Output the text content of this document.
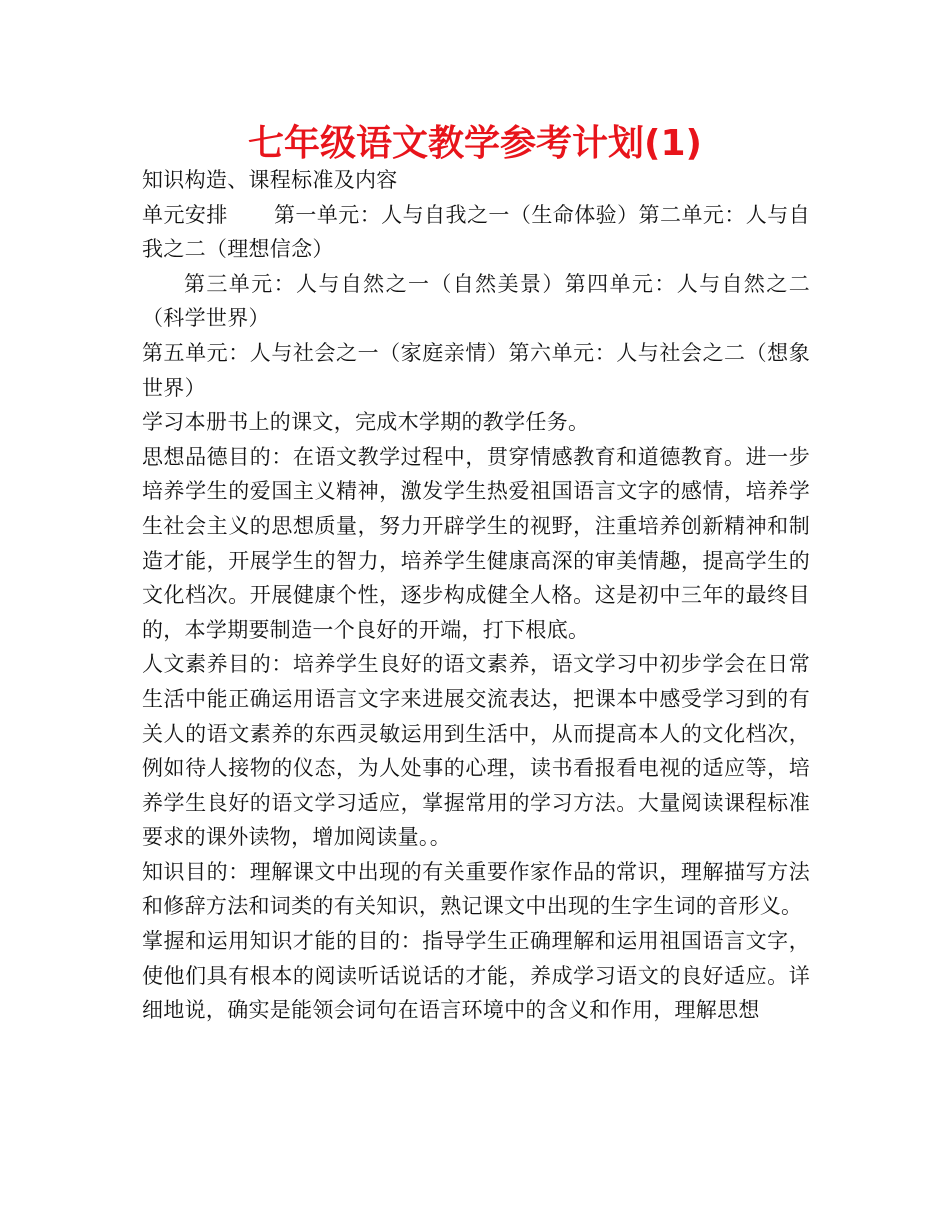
七年级语文教学参考计划(1)

知识构造、课程标准及内容

单元安排 第一单元：人与自我之一（生命体验）第二单元：人与自我之二（理想信念）

第三单元：人与自然之一（自然美景）第四单元：人与自然之二（科学世界）

第五单元：人与社会之一（家庭亲情）第六单元：人与社会之二（想象世界）

学习本册书上的课文，完成木学期的教学任务。

思想品德目的：在语文教学过程中，贯穿情感教育和道德教育。进一步培养学生的爱国主义精神，激发学生热爱祖国语言文字的感情，培养学生社会主义的思想质量，努力开辟学生的视野，注重培养创新精神和制造才能，开展学生的智力，培养学生健康高深的审美情趣，提高学生的文化档次。开展健康个性，逐步构成健全人格。这是初中三年的最终目的，本学期要制造一个良好的开端，打下根底。

人文素养目的：培养学生良好的语文素养，语文学习中初步学会在日常生活中能正确运用语言文字来进展交流表达，把课本中感受学习到的有关人的语文素养的东西灵敏运用到生活中，从而提高本人的文化档次，例如待人接物的仪态，为人处事的心理，读书看报看电视的适应等，培养学生良好的语文学习适应，掌握常用的学习方法。大量阅读课程标准要求的课外读物，增加阅读量。。

知识目的：理解课文中出现的有关重要作家作品的常识，理解描写方法和修辞方法和词类的有关知识，熟记课文中出现的生字生词的音形义。

掌握和运用知识才能的目的：指导学生正确理解和运用祖国语言文字，使他们具有根本的阅读听话说话的才能，养成学习语文的良好适应。详细地说，确实是能领会词句在语言环境中的含义和作用，理解思想
